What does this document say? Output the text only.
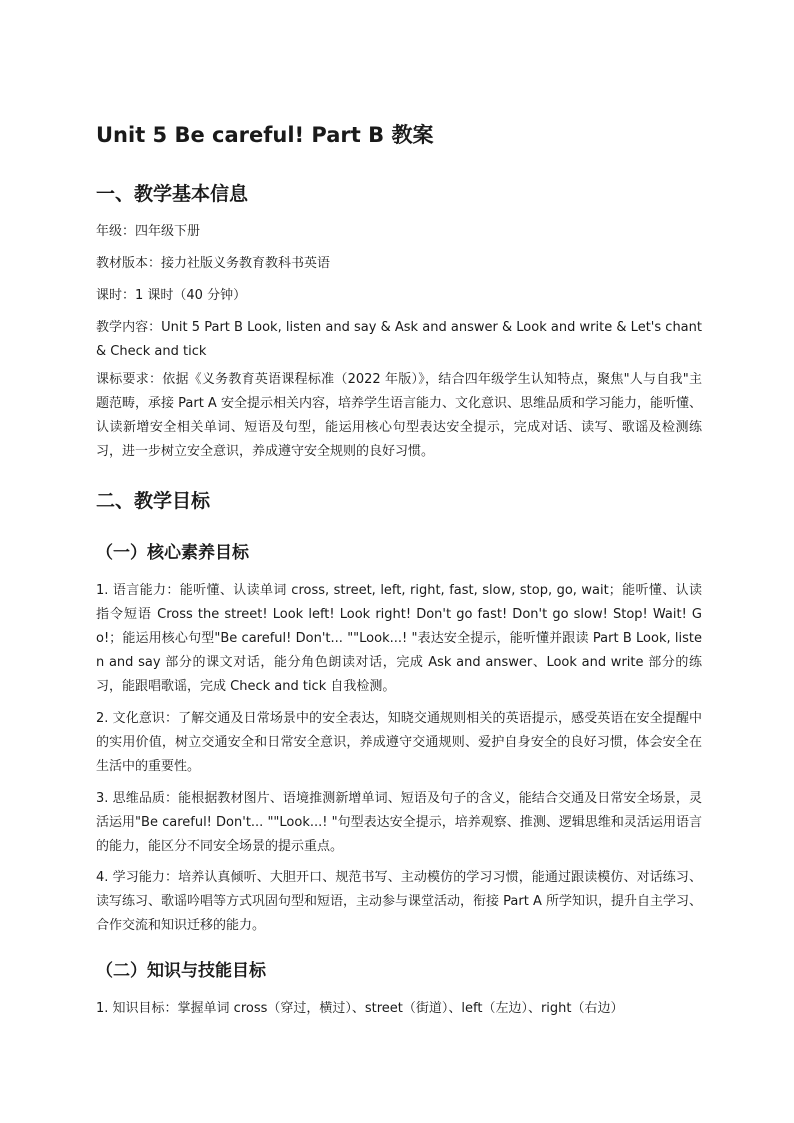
Unit 5 Be careful! Part B 教案
一、教学基本信息

年级：四年级下册

教材版本：接力社版义务教育教科书英语

课时：1 课时（40 分钟）

教学内容：Unit 5 Part B Look, listen and say & Ask and answer & Look and write & Let's chant & Check and tick

课标要求：依据《义务教育英语课程标准（2022 年版）》，结合四年级学生认知特点，聚焦"人与自我"主题范畴，承接 Part A 安全提示相关内容，培养学生语言能力、文化意识、思维品质和学习能力，能听懂、认读新增安全相关单词、短语及句型，能运用核心句型表达安全提示，完成对话、读写、歌谣及检测练习，进一步树立安全意识，养成遵守安全规则的良好习惯。

二、教学目标
（一）核心素养目标

1. 语言能力：能听懂、认读单词 cross, street, left, right, fast, slow, stop, go, wait；能听懂、认读指令短语 Cross the street! Look left! Look right! Don't go fast! Don't go slow! Stop! Wait! Go!；能运用核心句型"Be careful! Don't... ""Look...! "表达安全提示，能听懂并跟读 Part B Look, listen and say 部分的课文对话，能分角色朗读对话，完成 Ask and answer、Look and write 部分的练习，能跟唱歌谣，完成 Check and tick 自我检测。

2. 文化意识：了解交通及日常场景中的安全表达，知晓交通规则相关的英语提示，感受英语在安全提醒中的实用价值，树立交通安全和日常安全意识，养成遵守交通规则、爱护自身安全的良好习惯，体会安全在生活中的重要性。

3. 思维品质：能根据教材图片、语境推测新增单词、短语及句子的含义，能结合交通及日常安全场景，灵活运用"Be careful! Don't... ""Look...! "句型表达安全提示，培养观察、推测、逻辑思维和灵活运用语言的能力，能区分不同安全场景的提示重点。

4. 学习能力：培养认真倾听、大胆开口、规范书写、主动模仿的学习习惯，能通过跟读模仿、对话练习、读写练习、歌谣吟唱等方式巩固句型和短语，主动参与课堂活动，衔接 Part A 所学知识，提升自主学习、合作交流和知识迁移的能力。

（二）知识与技能目标

1. 知识目标：掌握单词 cross（穿过，横过）、street（街道）、left（左边）、right（右边）
